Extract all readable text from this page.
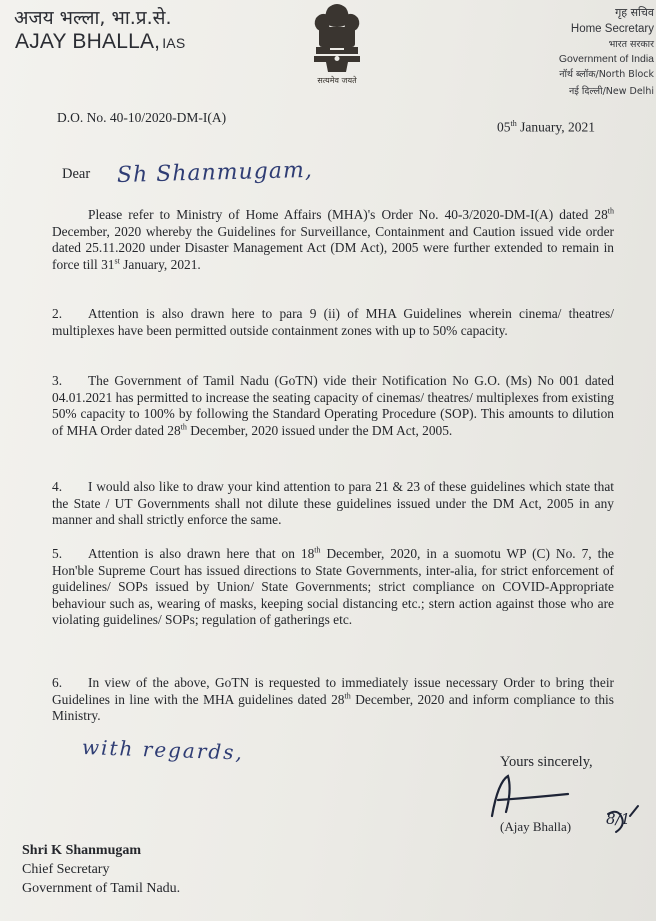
अजय भल्ला, भा.प्र.से.
AJAY BHALLA, IAS
सत्यमेव जयते
गृह सचिव
Home Secretary
भारत सरकार
Government of India
नॉर्थ ब्लॉक/North Block
नई दिल्ली/New Delhi
D.O. No. 40-10/2020-DM-I(A)
05th January, 2021
Dear Sh Shanmugam,
Please refer to Ministry of Home Affairs (MHA)'s Order No. 40-3/2020-DM-I(A) dated 28th December, 2020 whereby the Guidelines for Surveillance, Containment and Caution issued vide order dated 25.11.2020 under Disaster Management Act (DM Act), 2005 were further extended to remain in force till 31st January, 2021.
2. Attention is also drawn here to para 9 (ii) of MHA Guidelines wherein cinema/ theatres/ multiplexes have been permitted outside containment zones with up to 50% capacity.
3. The Government of Tamil Nadu (GoTN) vide their Notification No G.O. (Ms) No 001 dated 04.01.2021 has permitted to increase the seating capacity of cinemas/ theatres/ multiplexes from existing 50% capacity to 100% by following the Standard Operating Procedure (SOP). This amounts to dilution of MHA Order dated 28th December, 2020 issued under the DM Act, 2005.
4. I would also like to draw your kind attention to para 21 & 23 of these guidelines which state that the State / UT Governments shall not dilute these guidelines issued under the DM Act, 2005 in any manner and shall strictly enforce the same.
5. Attention is also drawn here that on 18th December, 2020, in a suomotu WP (C) No. 7, the Hon'ble Supreme Court has issued directions to State Governments, inter-alia, for strict enforcement of guidelines/ SOPs issued by Union/ State Governments; strict compliance on COVID-Appropriate behaviour such as, wearing of masks, keeping social distancing etc.; stern action against those who are violating guidelines/ SOPs; regulation of gatherings etc.
6. In view of the above, GoTN is requested to immediately issue necessary Order to bring their Guidelines in line with the MHA guidelines dated 28th December, 2020 and inform compliance to this Ministry.
with regards,	Yours sincerely,
8/1
(Ajay Bhalla)
Shri K Shanmugam
Chief Secretary
Government of Tamil Nadu.
